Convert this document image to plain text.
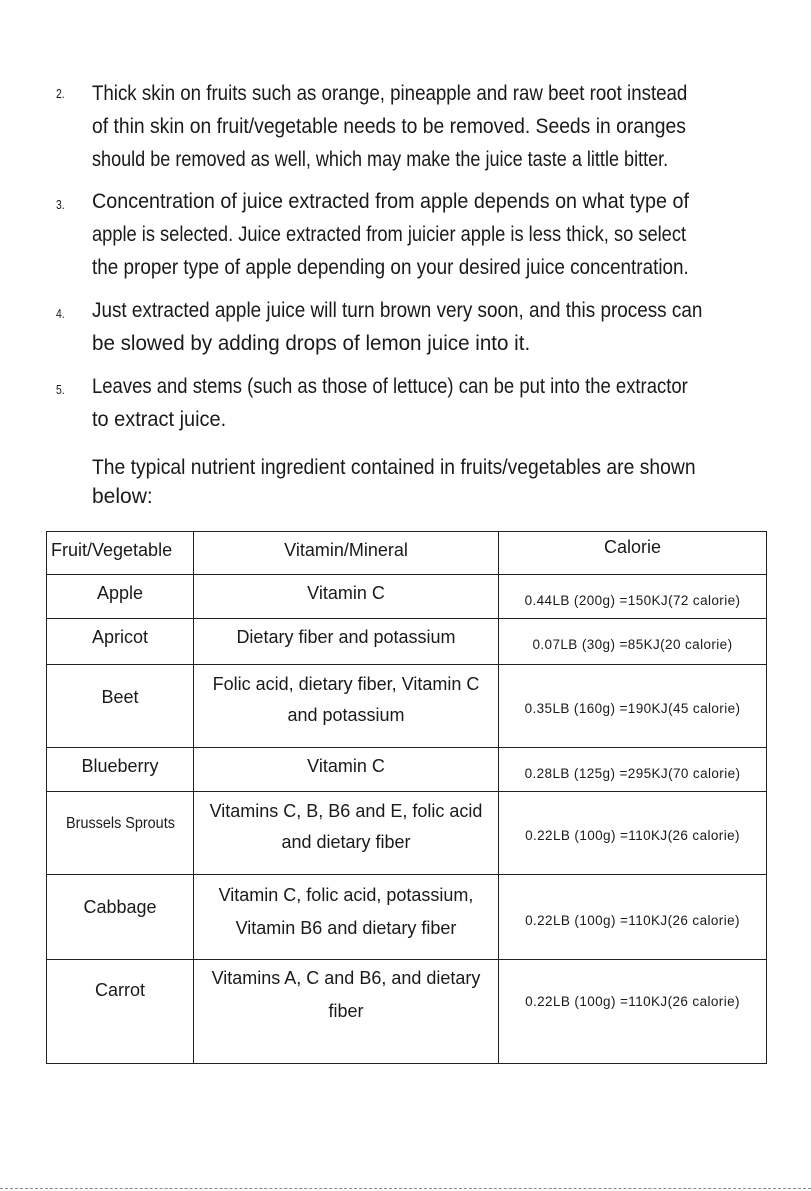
2. Thick skin on fruits such as orange, pineapple and raw beet root instead
of thin skin on fruit/vegetable needs to be removed. Seeds in oranges
should be removed as well, which may make the juice taste a little bitter.
3. Concentration of juice extracted from apple depends on what type of
apple is selected. Juice extracted from juicier apple is less thick, so select
the proper type of apple depending on your desired juice concentration.
4. Just extracted apple juice will turn brown very soon, and this process can
be slowed by adding drops of lemon juice into it.
5. Leaves and stems (such as those of lettuce) can be put into the extractor
to extract juice.
The typical nutrient ingredient contained in fruits/vegetables are shown
below:
Fruit/Vegetable	Vitamin/Mineral	Calorie
Apple	Vitamin C	0.44LB (200g) =150KJ(72 calorie)

Apricot	Dietary fiber and potassium	0.07LB (30g) =85KJ(20 calorie)

Beet	Folic acid, dietary fiber, Vitamin C
and potassium	0.35LB (160g) =190KJ(45 calorie)

Blueberry	Vitamin C	0.28LB (125g) =295KJ(70 calorie)

Brussels Sprouts	Vitamins C, B, B6 and E, folic acid
and dietary fiber	0.22LB (100g) =110KJ(26 calorie)

Cabbage	Vitamin C, folic acid, potassium,
Vitamin B6 and dietary fiber	0.22LB (100g) =110KJ(26 calorie)

Carrot	Vitamins A, C and B6, and dietary
fiber	0.22LB (100g) =110KJ(26 calorie)
